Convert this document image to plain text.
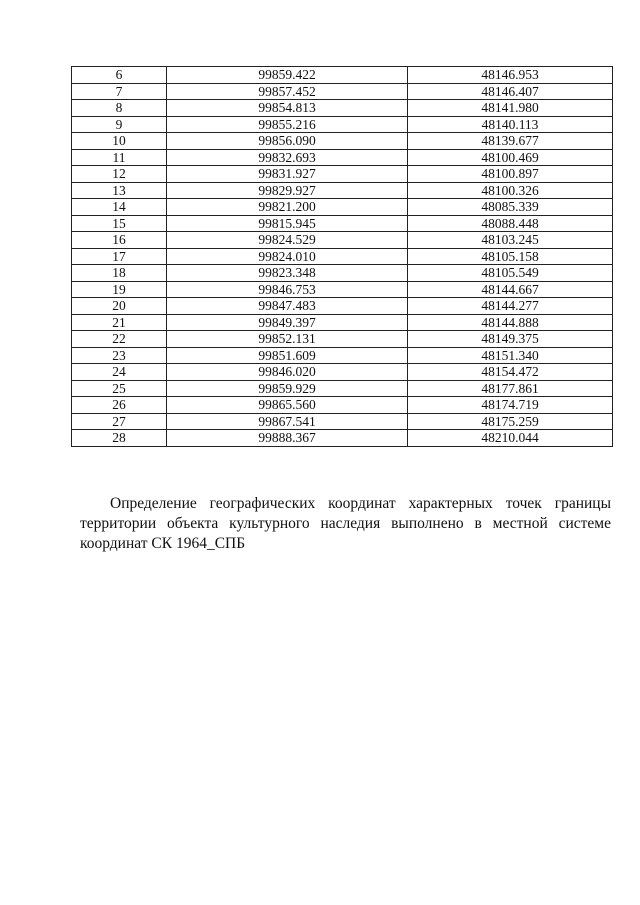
6	99859.422	48146.953
7	99857.452	48146.407
8	99854.813	48141.980
9	99855.216	48140.113
10	99856.090	48139.677
11	99832.693	48100.469
12	99831.927	48100.897
13	99829.927	48100.326
14	99821.200	48085.339
15	99815.945	48088.448
16	99824.529	48103.245
17	99824.010	48105.158
18	99823.348	48105.549
19	99846.753	48144.667
20	99847.483	48144.277
21	99849.397	48144.888
22	99852.131	48149.375
23	99851.609	48151.340
24	99846.020	48154.472
25	99859.929	48177.861
26	99865.560	48174.719
27	99867.541	48175.259
28	99888.367	48210.044

Определение географических координат характерных точек границы территории объекта культурного наследия выполнено в местной системе координат СК 1964_СПБ
